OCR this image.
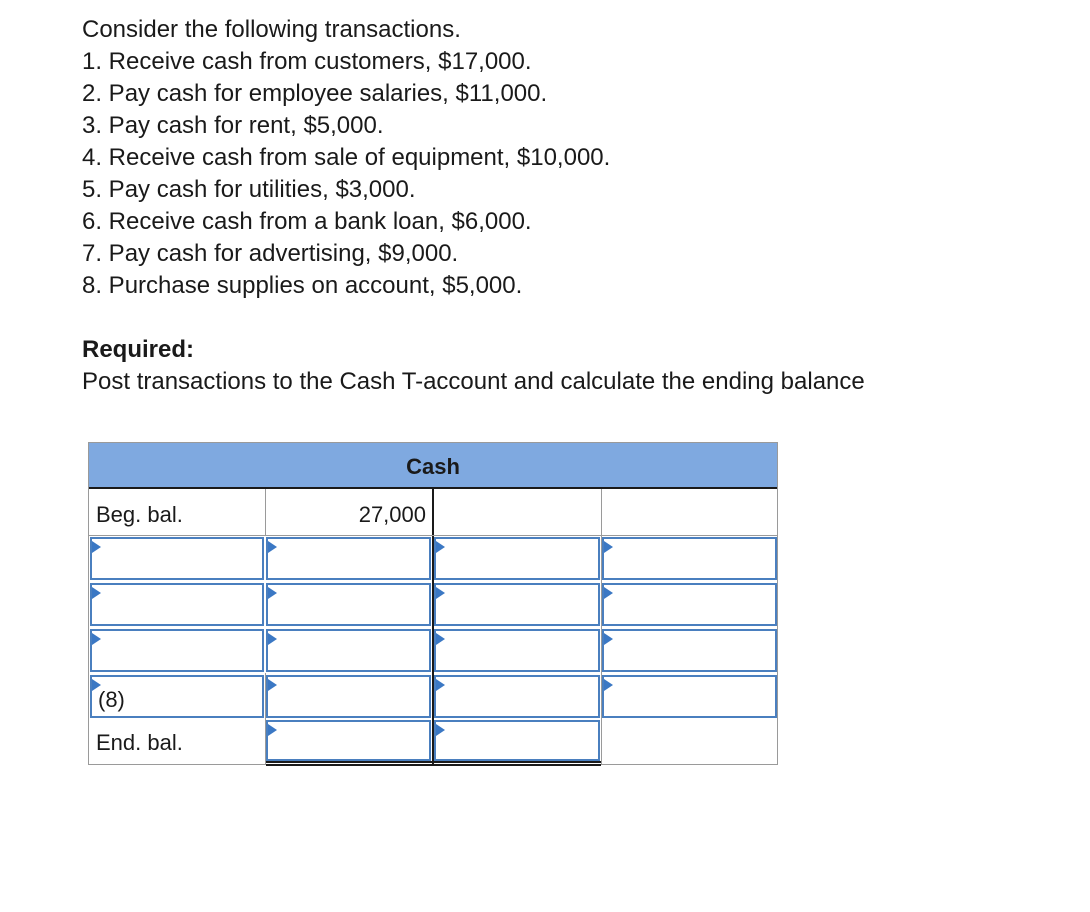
Consider the following transactions.
1. Receive cash from customers, $17,000.
2. Pay cash for employee salaries, $11,000.
3. Pay cash for rent, $5,000.
4. Receive cash from sale of equipment, $10,000.
5. Pay cash for utilities, $3,000.
6. Receive cash from a bank loan, $6,000.
7. Pay cash for advertising, $9,000.
8. Purchase supplies on account, $5,000.
Required:
Post transactions to the Cash T-account and calculate the ending balance
Cash
Beg. bal.	27,000
(8)
End. bal.
